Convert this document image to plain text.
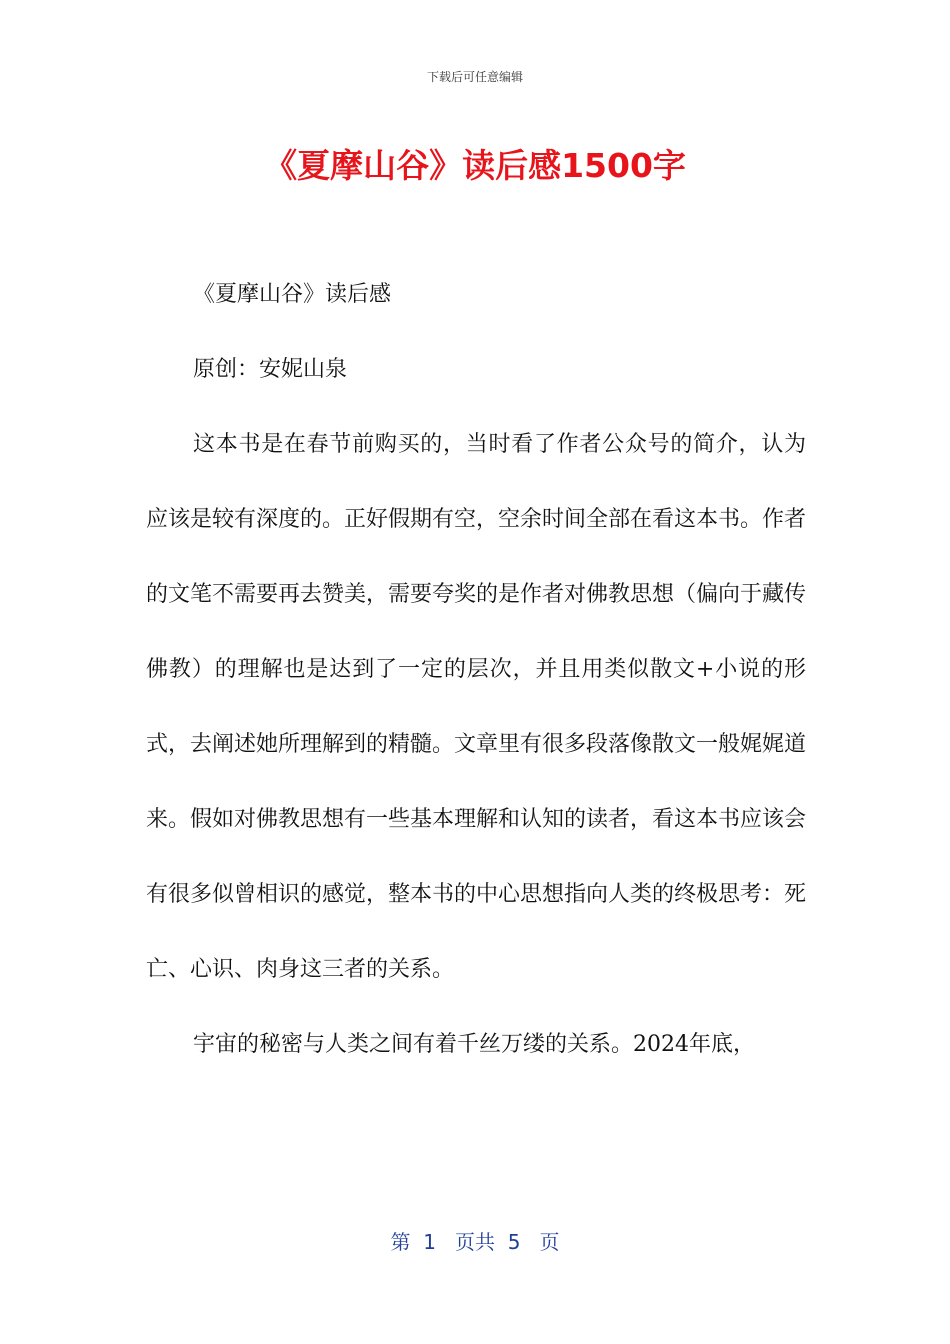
下载后可任意编辑
《夏摩山谷》读后感1500字

《夏摩山谷》读后感

原创：安妮山泉

这本书是在春节前购买的，当时看了作者公众号的简介，认为应该是较有深度的。正好假期有空，空余时间全部在看这本书。作者的文笔不需要再去赞美，需要夸奖的是作者对佛教思想（偏向于藏传佛教）的理解也是达到了一定的层次，并且用类似散文+小说的形式，去阐述她所理解到的精髓。文章里有很多段落像散文一般娓娓道来。假如对佛教思想有一些基本理解和认知的读者，看这本书应该会有很多似曾相识的感觉，整本书的中心思想指向人类的终极思考：死亡、心识、肉身这三者的关系。

宇宙的秘密与人类之间有着千丝万缕的关系。2024年底，

第  1   页共  5   页
